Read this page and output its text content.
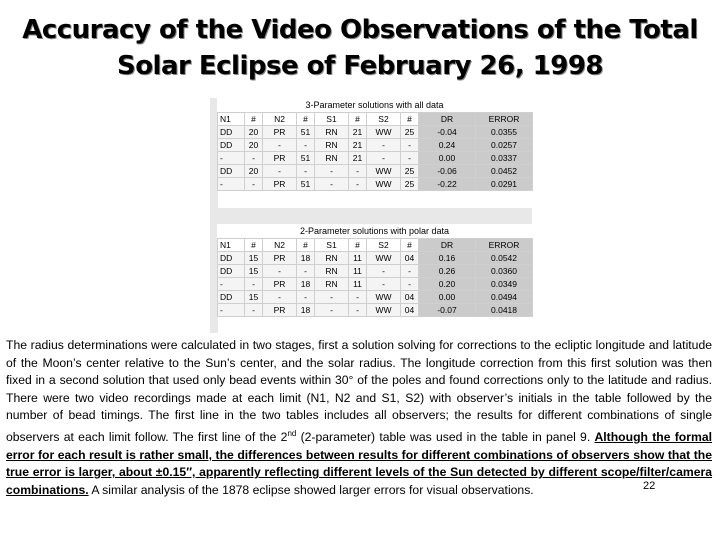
Accuracy of the Video Observations of the Total
Solar Eclipse of February 26, 1998
3-Parameter solutions with all data
N1	#	N2	#	S1	#	S2	#	DR	ERROR
DD	20	PR	51	RN	21	WW	25	-0.04	0.0355
DD	20	-	-	RN	21	-	-	0.24	0.0257
-	-	PR	51	RN	21	-	-	0.00	0.0337
DD	20	-	-	-	-	WW	25	-0.06	0.0452
-	-	PR	51	-	-	WW	25	-0.22	0.0291
2-Parameter solutions with polar data
N1	#	N2	#	S1	#	S2	#	DR	ERROR
DD	15	PR	18	RN	11	WW	04	0.16	0.0542
DD	15	-	-	RN	11	-	-	0.26	0.0360
-	-	PR	18	RN	11	-	-	0.20	0.0349
DD	15	-	-	-	-	WW	04	0.00	0.0494
-	-	PR	18	-	-	WW	04	-0.07	0.0418
The radius determinations were calculated in two stages, first a solution solving for corrections to the ecliptic longitude and latitude of the Moon’s center relative to the Sun’s center, and the solar radius. The longitude correction from this first solution was then fixed in a second solution that used only bead events within 30° of the poles and found corrections only to the latitude and radius. There were two video recordings made at each limit (N1, N2 and S1, S2) with observer’s initials in the table followed by the number of bead timings. The first line in the two tables includes all observers; the results for different combinations of single observers at each limit follow. The first line of the 2nd (2-parameter) table was used in the table in panel 9. Although the formal error for each result is rather small, the differences between results for different combinations of observers show that the true error is larger, about ±0.15″, apparently reflecting different levels of the Sun detected by different scope/filter/camera combinations. A similar analysis of the 1878 eclipse showed larger errors for visual observations.	22
